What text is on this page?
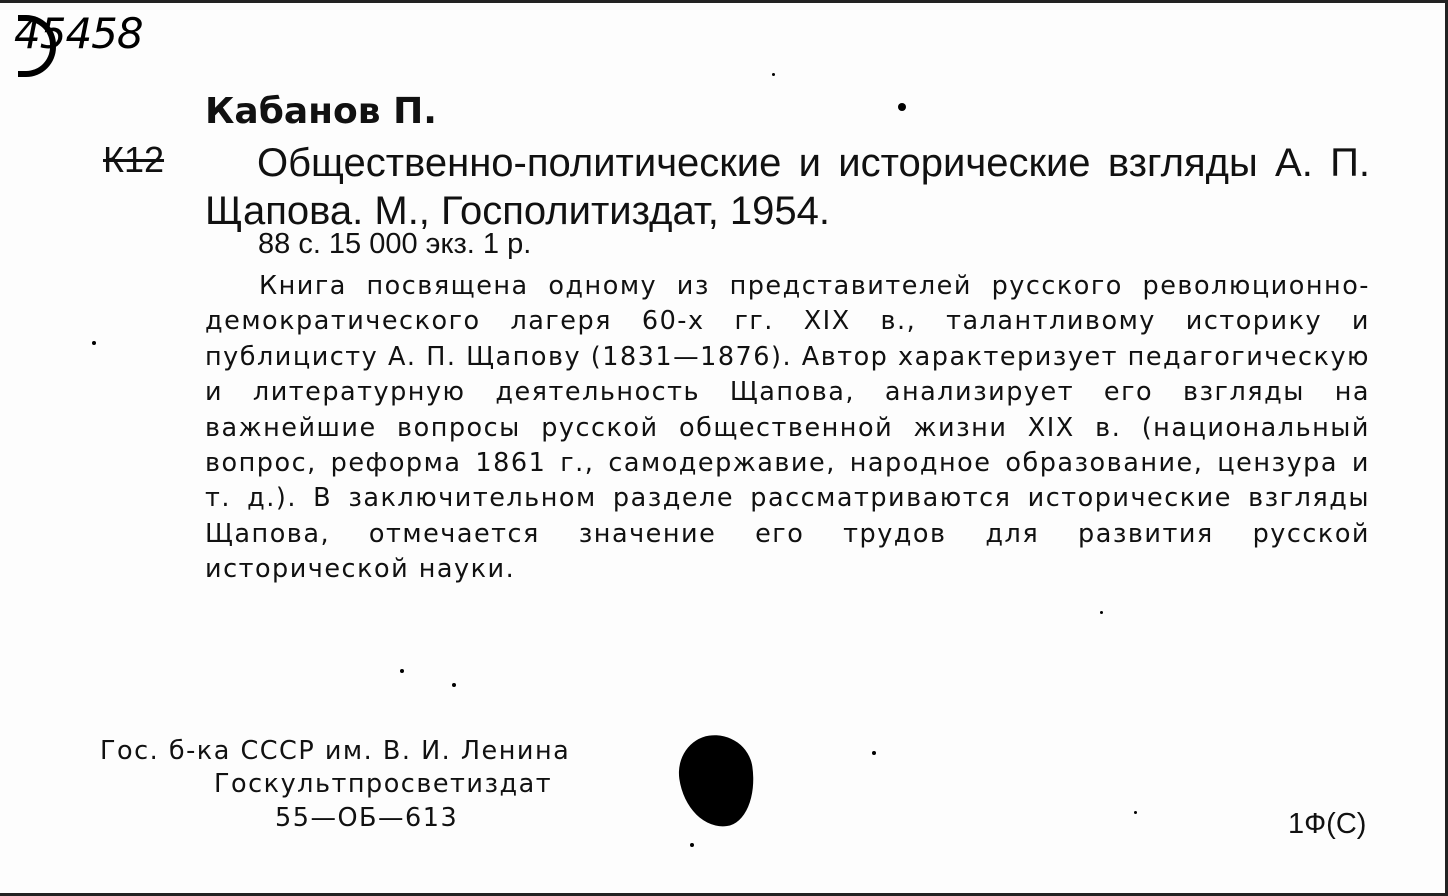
45458
Кабанов П.
К12	Общественно-политические и исторические взгляды А. П. Щапова. М., Госполитиздат, 1954.
88 с. 15 000 экз. 1 р.
Книга посвящена одному из представителей русского революционно-демократического лагеря 60-х гг. XIX в., талантливому историку и публицисту А. П. Щапову (1831—1876). Автор характеризует педагогическую и литературную деятельность Щапова, анализирует его взгляды на важнейшие вопросы русской общественной жизни XIX в. (национальный вопрос, реформа 1861 г., самодержавие, народное образование, цензура и т. д.). В заключительном разделе рассматриваются исторические взгляды Щапова, отмечается значение его трудов для развития русской исторической науки.
Гос. б-ка СССР им. В. И. Ленина
Госкультпросветиздат
55—ОБ—613	1Ф(С)
